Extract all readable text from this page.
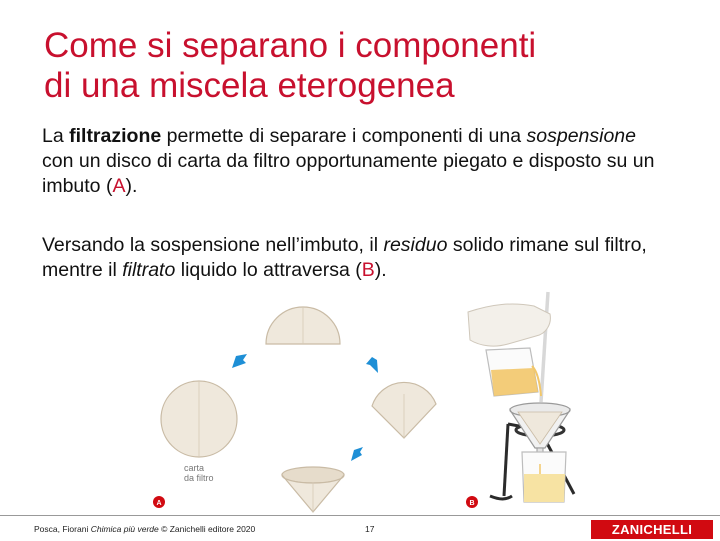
Come si separano i componenti
di una miscela eterogenea

La filtrazione permette di separare i componenti di una sospensione con un disco di carta da filtro opportunamente piegato e disposto su un imbuto (A).

Versando la sospensione nell’imbuto, il residuo solido rimane sul filtro, mentre il filtrato liquido lo attraversa (B).

carta
da filtro
A	B
Posca, Fiorani Chimica più verde © Zanichelli editore 2020	17	ZANICHELLI
